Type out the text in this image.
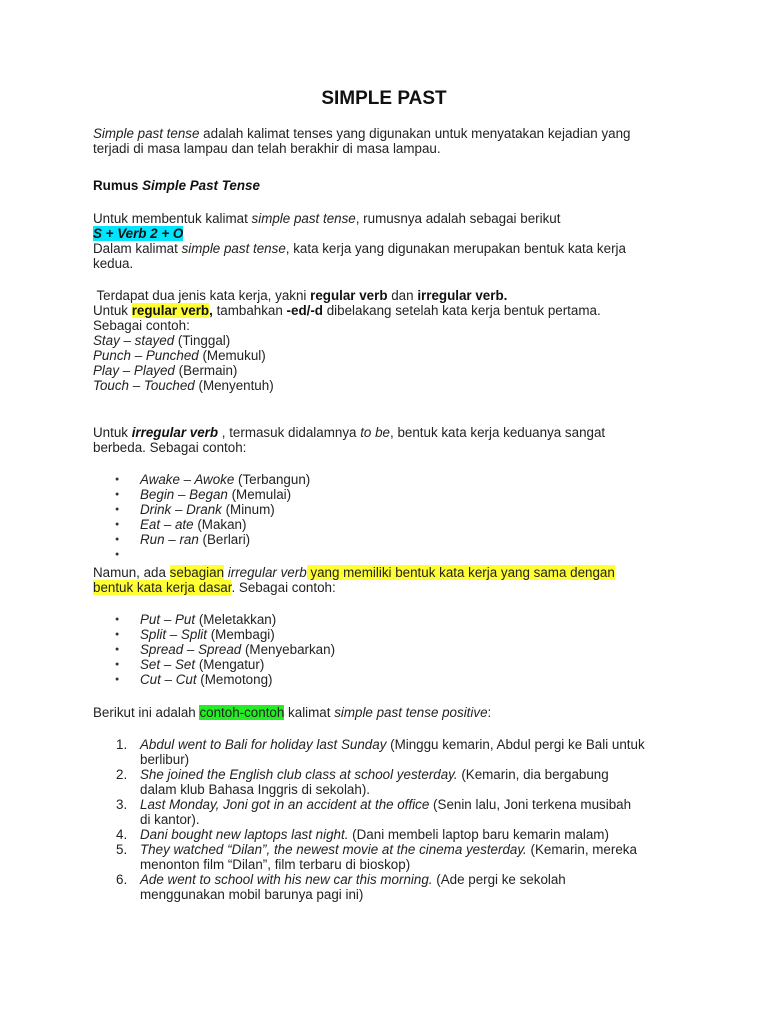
SIMPLE PAST

Simple past tense adalah kalimat tenses yang digunakan untuk menyatakan kejadian yang

terjadi di masa lampau dan telah berakhir di masa lampau.

Rumus Simple Past Tense

Untuk membentuk kalimat simple past tense, rumusnya adalah sebagai berikut

S + Verb 2 + O

Dalam kalimat simple past tense, kata kerja yang digunakan merupakan bentuk kata kerja

kedua.

Terdapat dua jenis kata kerja, yakni regular verb dan irregular verb.

Untuk regular verb, tambahkan -ed/-d dibelakang setelah kata kerja bentuk pertama.

Sebagai contoh:

Stay – stayed (Tinggal)

Punch – Punched (Memukul)

Play – Played (Bermain)

Touch – Touched (Menyentuh)

Untuk irregular verb , termasuk didalamnya to be, bentuk kata kerja keduanya sangat

berbeda. Sebagai contoh:

● Awake – Awoke (Terbangun)
● Begin – Began (Memulai)
● Drink – Drank (Minum)
● Eat – ate (Makan)
● Run – ran (Berlari)
●

Namun, ada sebagian irregular verb yang memiliki bentuk kata kerja yang sama dengan

bentuk kata kerja dasar. Sebagai contoh:

● Put – Put (Meletakkan)
● Split – Split (Membagi)
● Spread – Spread (Menyebarkan)
● Set – Set (Mengatur)
● Cut – Cut (Memotong)

Berikut ini adalah contoh-contoh kalimat simple past tense positive:

1. Abdul went to Bali for holiday last Sunday (Minggu kemarin, Abdul pergi ke Bali untuk
berlibur)
2. She joined the English club class at school yesterday. (Kemarin, dia bergabung
dalam klub Bahasa Inggris di sekolah).
3. Last Monday, Joni got in an accident at the office (Senin lalu, Joni terkena musibah
di kantor).
4. Dani bought new laptops last night. (Dani membeli laptop baru kemarin malam)
5. They watched “Dilan”, the newest movie at the cinema yesterday. (Kemarin, mereka
menonton film “Dilan”, film terbaru di bioskop)
6. Ade went to school with his new car this morning. (Ade pergi ke sekolah
menggunakan mobil barunya pagi ini)
